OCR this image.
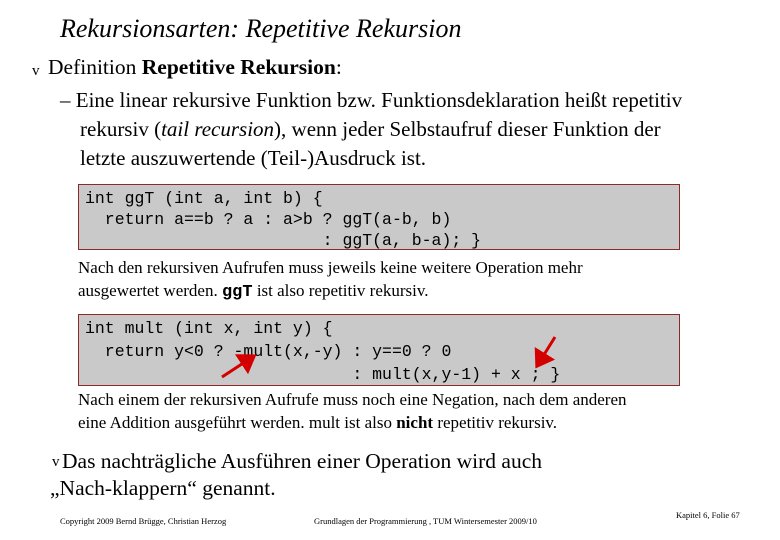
Rekursionsarten: Repetitive Rekursion
v Definition Repetitive Rekursion:
– Eine linear rekursive Funktion bzw. Funktionsdeklaration heißt repetitiv
rekursiv (tail recursion), wenn jeder Selbstaufruf dieser Funktion der
letzte auszuwertende (Teil-)Ausdruck ist.
int ggT (int a, int b) {
return a==b ? a : a>b ? ggT(a-b, b)
: ggT(a, b-a); }
Nach den rekursiven Aufrufen muss jeweils keine weitere Operation mehr
ausgewertet werden. ggT ist also repetitiv rekursiv.
int mult (int x, int y) {
return y<0 ? -mult(x,-y) : y==0 ? 0
: mult(x,y-1) + x ; }
Nach einem der rekursiven Aufrufe muss noch eine Negation, nach dem anderen
eine Addition ausgeführt werden. mult ist also nicht repetitiv rekursiv.
v Das nachträgliche Ausführen einer Operation wird auch
„Nach-klappern“ genannt.
Copyright 2009 Bernd Brügge, Christian Herzog	Grundlagen der Programmierung , TUM Wintersemester 2009/10
Kapitel 6, Folie 67
